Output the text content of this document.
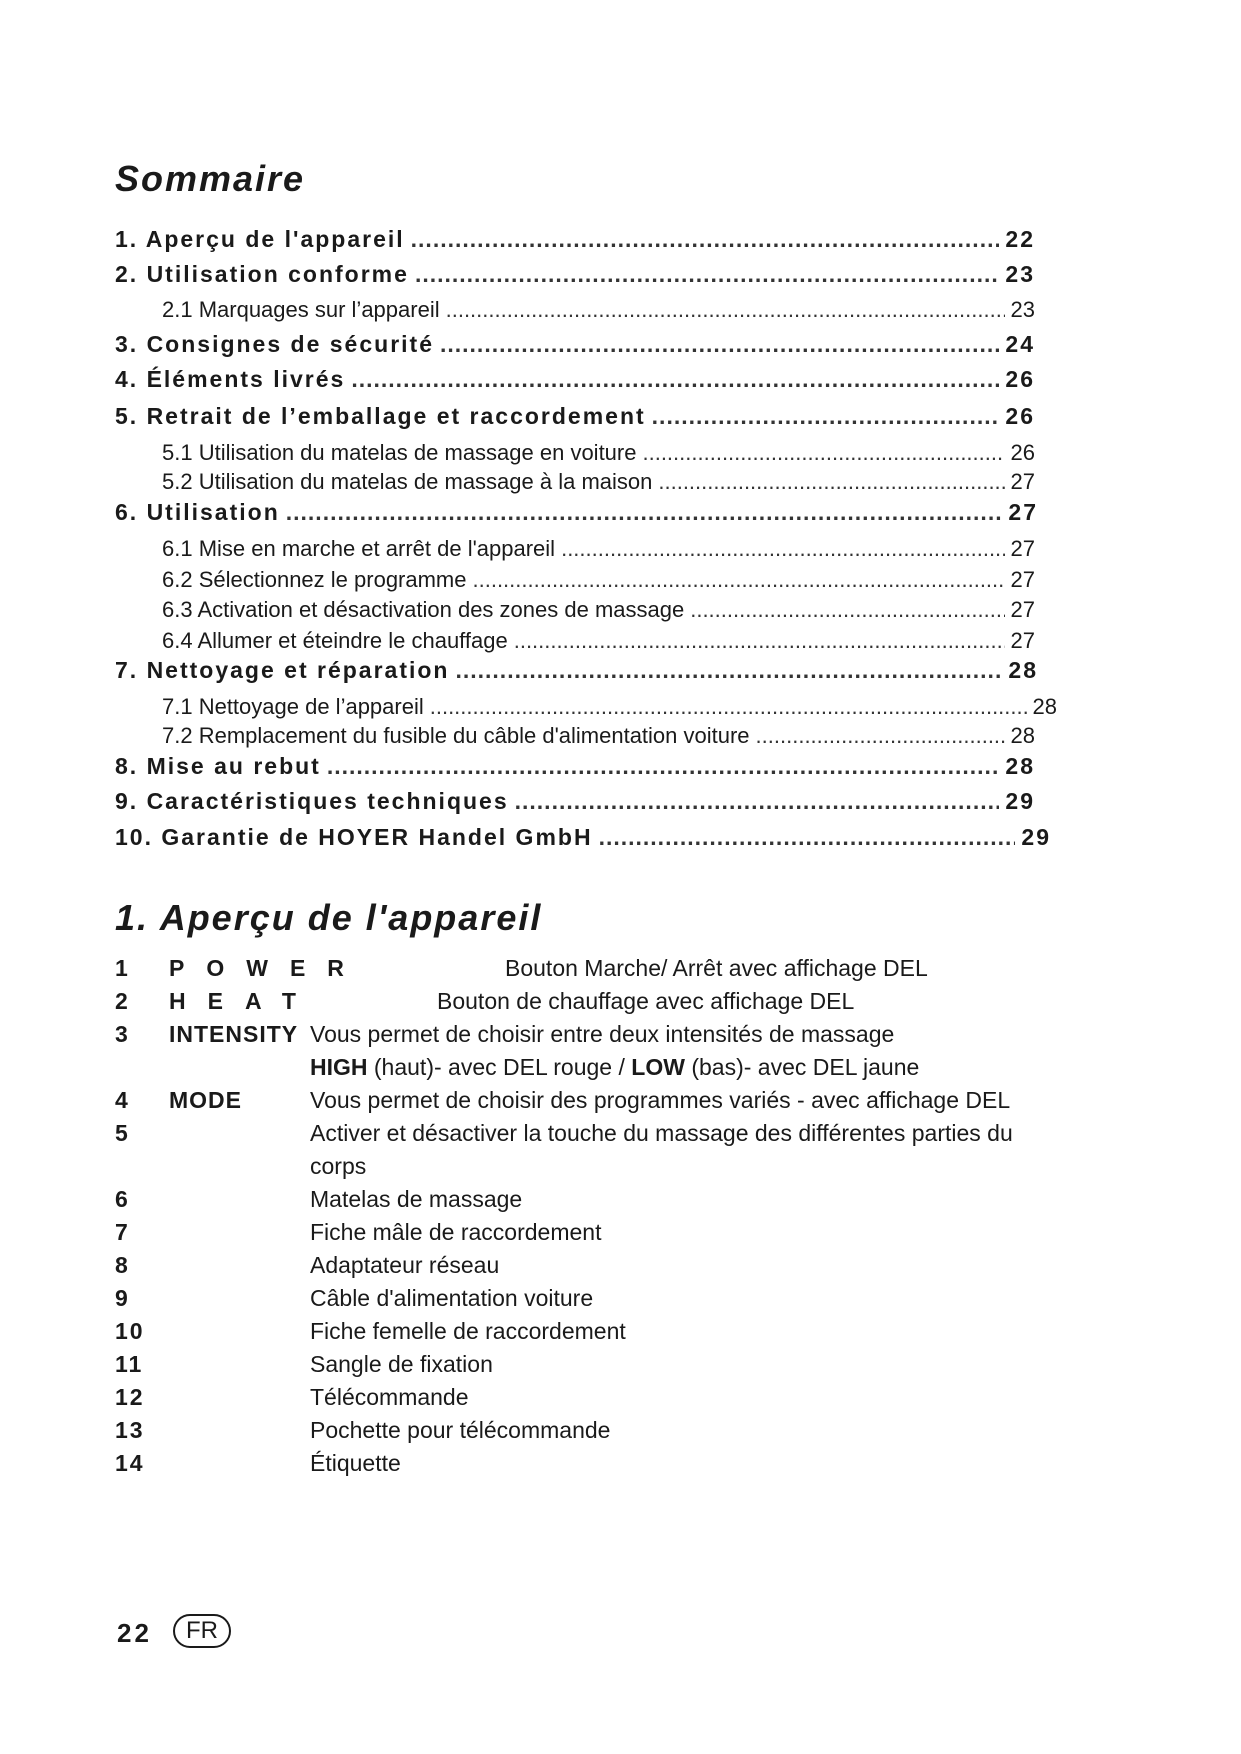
Sommaire
1. Aperçu de l'appareil .....	22
2. Utilisation conforme .....	23
2.1 Marquages sur l’appareil .....	23
3. Consignes de sécurité .....	24
4. Éléments livrés .....	26
5. Retrait de l’emballage et raccordement .....	26
5.1 Utilisation du matelas de massage en voiture .....	26
5.2 Utilisation du matelas de massage à la maison .....	27
6. Utilisation .....	27
6.1 Mise en marche et arrêt de l'appareil .....	27
6.2 Sélectionnez le programme .....	27
6.3 Activation et désactivation des zones de massage .....	27
6.4 Allumer et éteindre le chauffage .....	27
7. Nettoyage et réparation .....	28
7.1 Nettoyage de l’appareil .....	28
7.2 Remplacement du fusible du câble d'alimentation voiture .....	28
8. Mise au rebut .....	28
9. Caractéristiques techniques .....	29
10. Garantie de HOYER Handel GmbH .....	29
1. Aperçu de l'appareil
1 POWER	Bouton Marche/ Arrêt avec affichage DEL
2 HEAT	Bouton de chauffage avec affichage DEL
3 INTENSITY Vous permet de choisir entre deux intensités de massage
HIGH (haut)- avec DEL rouge / LOW (bas)- avec DEL jaune
4 MODE	Vous permet de choisir des programmes variés - avec affichage DEL
5	Activer et désactiver la touche du massage des différentes parties du
corps
6	Matelas de massage
7	Fiche mâle de raccordement
8	Adaptateur réseau
9	Câble d'alimentation voiture
10	Fiche femelle de raccordement
11	Sangle de fixation
12	Télécommande
13	Pochette pour télécommande
14	Étiquette
22	FR
